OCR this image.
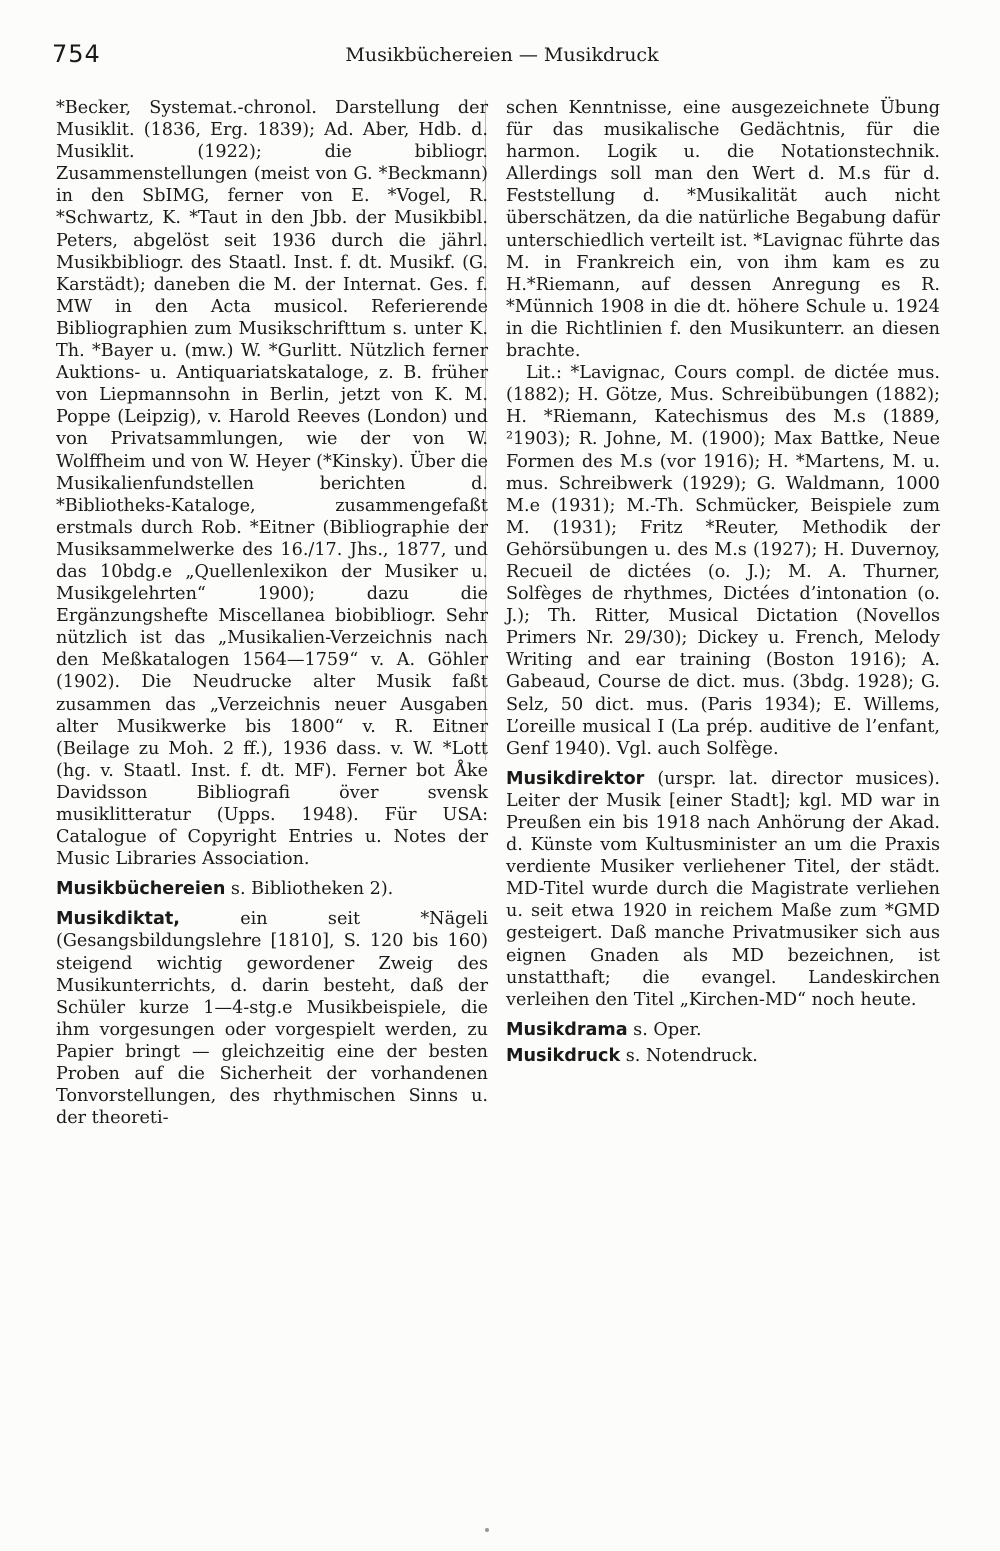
754	Musikbüchereien — Musikdruck

*Becker, Systemat.-chronol. Darstellung der Musiklit. (1836, Erg. 1839); Ad. Aber, Hdb. d. Musiklit. (1922); die bibliogr. Zusammenstellungen (meist von G. *Beckmann) in den SbIMG, ferner von E. *Vogel, R. *Schwartz, K. *Taut in den Jbb. der Musikbibl. Peters, abgelöst seit 1936 durch die jährl. Musikbibliogr. des Staatl. Inst. f. dt. Musikf. (G. Karstädt); daneben die M. der Internat. Ges. f. MW in den Acta musicol. Referierende Bibliographien zum Musikschrifttum s. unter K. Th. *Bayer u. (mw.) W. *Gurlitt. Nützlich ferner Auktions- u. Antiquariatskataloge, z. B. früher von Liepmannsohn in Berlin, jetzt von K. M. Poppe (Leipzig), v. Harold Reeves (London) und von Privatsammlungen, wie der von W. Wolffheim und von W. Heyer (*Kinsky). Über die Musikalienfundstellen berichten d. *Bibliotheks-Kataloge, zusammengefaßt erstmals durch Rob. *Eitner (Bibliographie der Musiksammelwerke des 16./17. Jhs., 1877, und das 10bdg.e „Quellenlexikon der Musiker u. Musikgelehrten“ 1900); dazu die Ergänzungshefte Miscellanea biobibliogr. Sehr nützlich ist das „Musikalien-Verzeichnis nach den Meßkatalogen 1564—1759“ v. A. Göhler (1902). Die Neudrucke alter Musik faßt zusammen das „Verzeichnis neuer Ausgaben alter Musikwerke bis 1800“ v. R. Eitner (Beilage zu Moh. 2 ff.), 1936 dass. v. W. *Lott (hg. v. Staatl. Inst. f. dt. MF). Ferner bot Åke Davidsson Bibliografi över svensk musiklitteratur (Upps. 1948). Für USA: Catalogue of Copyright Entries u. Notes der Music Libraries Association.

Musikbüchereien s. Bibliotheken 2).

Musikdiktat, ein seit *Nägeli (Gesangsbildungslehre [1810], S. 120 bis 160) steigend wichtig gewordener Zweig des Musikunterrichts, d. darin besteht, daß der Schüler kurze 1—4-stg.e Musikbeispiele, die ihm vorgesungen oder vorgespielt werden, zu Papier bringt — gleichzeitig eine der besten Proben auf die Sicherheit der vorhandenen Tonvorstellungen, des rhythmischen Sinns u. der theoreti-

schen Kenntnisse, eine ausgezeichnete Übung für das musikalische Gedächtnis, für die harmon. Logik u. die Notationstechnik. Allerdings soll man den Wert d. M.s für d. Feststellung d. *Musikalität auch nicht überschätzen, da die natürliche Begabung dafür unterschiedlich verteilt ist. *Lavignac führte das M. in Frankreich ein, von ihm kam es zu H.*Riemann, auf dessen Anregung es R. *Münnich 1908 in die dt. höhere Schule u. 1924 in die Richtlinien f. den Musikunterr. an diesen brachte.

Lit.: *Lavignac, Cours compl. de dictée mus. (1882); H. Götze, Mus. Schreibübungen (1882); H. *Riemann, Katechismus des M.s (1889, ²1903); R. Johne, M. (1900); Max Battke, Neue Formen des M.s (vor 1916); H. *Martens, M. u. mus. Schreibwerk (1929); G. Waldmann, 1000 M.e (1931); M.-Th. Schmücker, Beispiele zum M. (1931); Fritz *Reuter, Methodik der Gehörsübungen u. des M.s (1927); H. Duvernoy, Recueil de dictées (o. J.); M. A. Thurner, Solfèges de rhythmes, Dictées d’intonation (o. J.); Th. Ritter, Musical Dictation (Novellos Primers Nr. 29/30); Dickey u. French, Melody Writing and ear training (Boston 1916); A. Gabeaud, Course de dict. mus. (3bdg. 1928); G. Selz, 50 dict. mus. (Paris 1934); E. Willems, L’oreille musical I (La prép. auditive de l’enfant, Genf 1940). Vgl. auch Solfège.

Musikdirektor (urspr. lat. director musices). Leiter der Musik [einer Stadt]; kgl. MD war in Preußen ein bis 1918 nach Anhörung der Akad. d. Künste vom Kultusminister an um die Praxis verdiente Musiker verliehener Titel, der städt. MD-Titel wurde durch die Magistrate verliehen u. seit etwa 1920 in reichem Maße zum *GMD gesteigert. Daß manche Privatmusiker sich aus eignen Gnaden als MD bezeichnen, ist unstatthaft; die evangel. Landeskirchen verleihen den Titel „Kirchen-MD“ noch heute.

Musikdrama s. Oper.

Musikdruck s. Notendruck.
